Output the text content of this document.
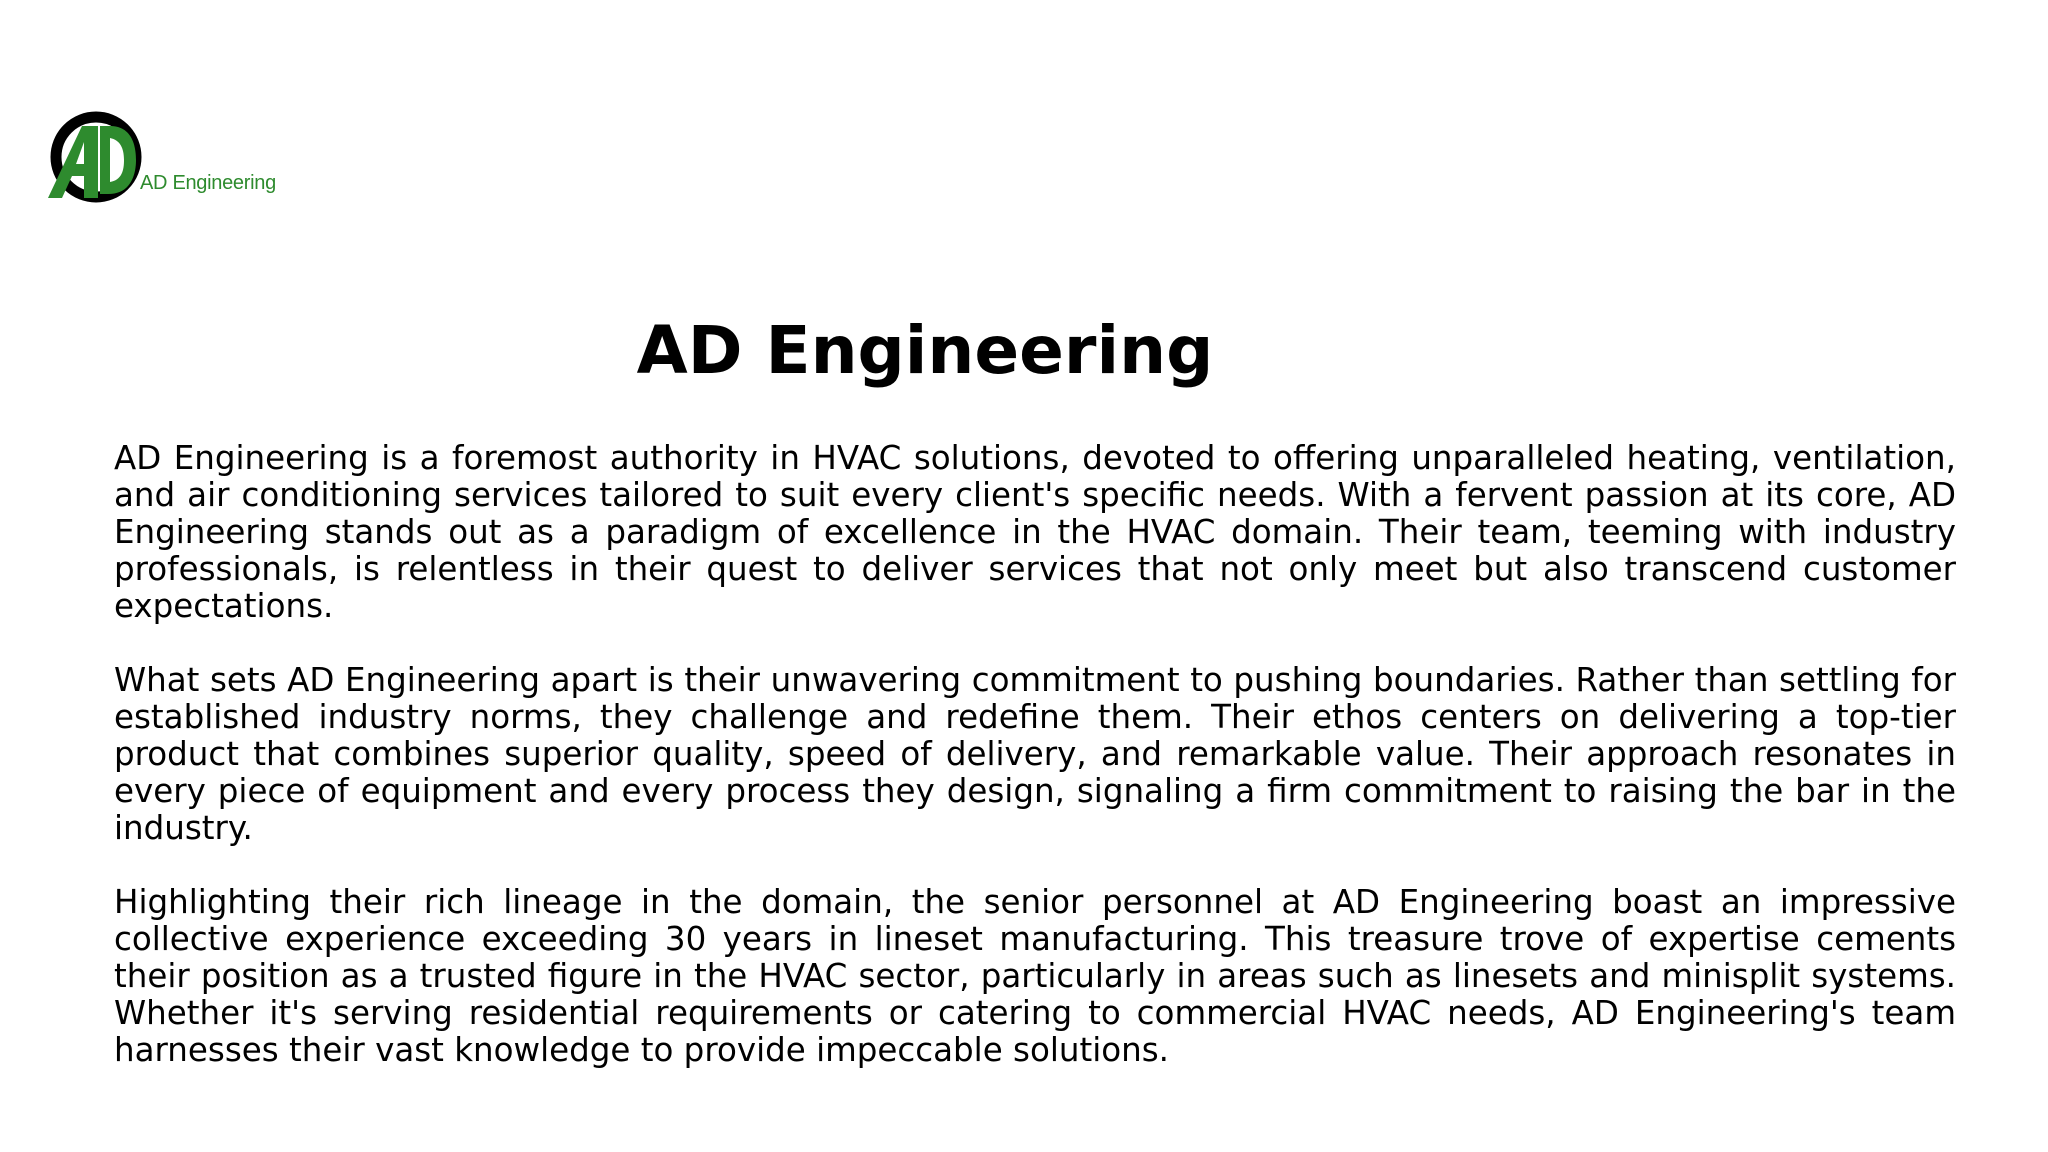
AD Engineering
AD Engineering

AD Engineering is a foremost authority in HVAC solutions, devoted to offering unparalleled heating, ventilation, and air conditioning services tailored to suit every client's specific needs. With a fervent passion at its core, AD Engineering stands out as a paradigm of excellence in the HVAC domain. Their team, teeming with industry professionals, is relentless in their quest to deliver services that not only meet but also transcend customer expectations.

What sets AD Engineering apart is their unwavering commitment to pushing boundaries. Rather than settling for established industry norms, they challenge and redefine them. Their ethos centers on delivering a top-tier product that combines superior quality, speed of delivery, and remarkable value. Their approach resonates in every piece of equipment and every process they design, signaling a firm commitment to raising the bar in the industry.

Highlighting their rich lineage in the domain, the senior personnel at AD Engineering boast an impressive collective experience exceeding 30 years in lineset manufacturing. This treasure trove of expertise cements their position as a trusted figure in the HVAC sector, particularly in areas such as linesets and minisplit systems. Whether it's serving residential requirements or catering to commercial HVAC needs, AD Engineering's team harnesses their vast knowledge to provide impeccable solutions.
